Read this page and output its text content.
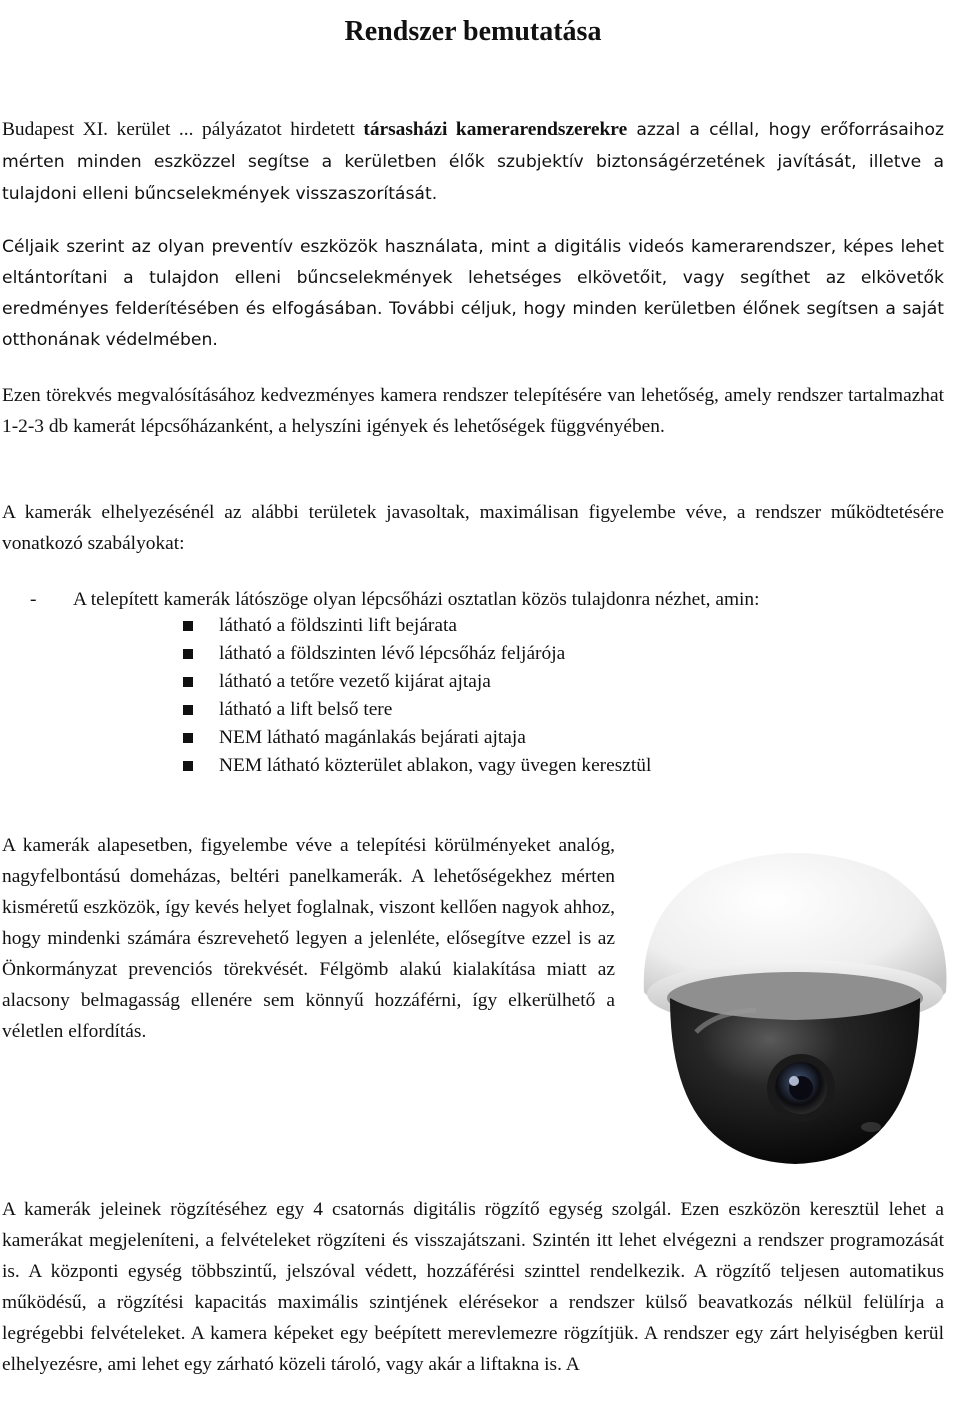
Rendszer bemutatása

Budapest XI. kerület ... pályázatot hirdetett társasházi kamerarendszerekre azzal a céllal, hogy erőforrásaihoz mérten minden eszközzel segítse a kerületben élők szubjektív biztonságérzetének javítását, illetve a tulajdoni elleni bűncselekmények visszaszorítását.

Céljaik szerint az olyan preventív eszközök használata, mint a digitális videós kamerarendszer, képes lehet eltántorítani a tulajdon elleni bűncselekmények lehetséges elkövetőit, vagy segíthet az elkövetők eredményes felderítésében és elfogásában. További céljuk, hogy minden kerületben élőnek segítsen a saját otthonának védelmében.

Ezen törekvés megvalósításához kedvezményes kamera rendszer telepítésére van lehetőség, amely rendszer tartalmazhat 1-2-3 db kamerát lépcsőházanként, a helyszíni igények és lehetőségek függvényében.

A kamerák elhelyezésénél az alábbi területek javasoltak, maximálisan figyelembe véve, a rendszer működtetésére vonatkozó szabályokat:

- A telepített kamerák látószöge olyan lépcsőházi osztatlan közös tulajdonra nézhet, amin:
látható a földszinti lift bejárata
látható a földszinten lévő lépcsőház feljárója
látható a tetőre vezető kijárat ajtaja
látható a lift belső tere
NEM látható magánlakás bejárati ajtaja
NEM látható közterület ablakon, vagy üvegen keresztül

A kamerák alapesetben, figyelembe véve a telepítési körülményeket analóg, nagyfelbontású domeházas, beltéri panelkamerák. A lehetőségekhez mérten kisméretű eszközök, így kevés helyet foglalnak, viszont kellően nagyok ahhoz, hogy mindenki számára észrevehető legyen a jelenléte, elősegítve ezzel is az Önkormányzat prevenciós törekvését. Félgömb alakú kialakítása miatt az alacsony belmagasság ellenére sem könnyű hozzáférni, így elkerülhető a véletlen elfordítás.

A kamerák jeleinek rögzítéséhez egy 4 csatornás digitális rögzítő egység szolgál. Ezen eszközön keresztül lehet a kamerákat megjeleníteni, a felvételeket rögzíteni és visszajátszani. Szintén itt lehet elvégezni a rendszer programozását is. A központi egység többszintű, jelszóval védett, hozzáférési szinttel rendelkezik. A rögzítő teljesen automatikus működésű, a rögzítési kapacitás maximális szintjének elérésekor a rendszer külső beavatkozás nélkül felülírja a legrégebbi felvételeket. A kamera képeket egy beépített merevlemezre rögzítjük. A rendszer egy zárt helyiségben kerül elhelyezésre, ami lehet egy zárható közeli tároló, vagy akár a liftakna is. A
